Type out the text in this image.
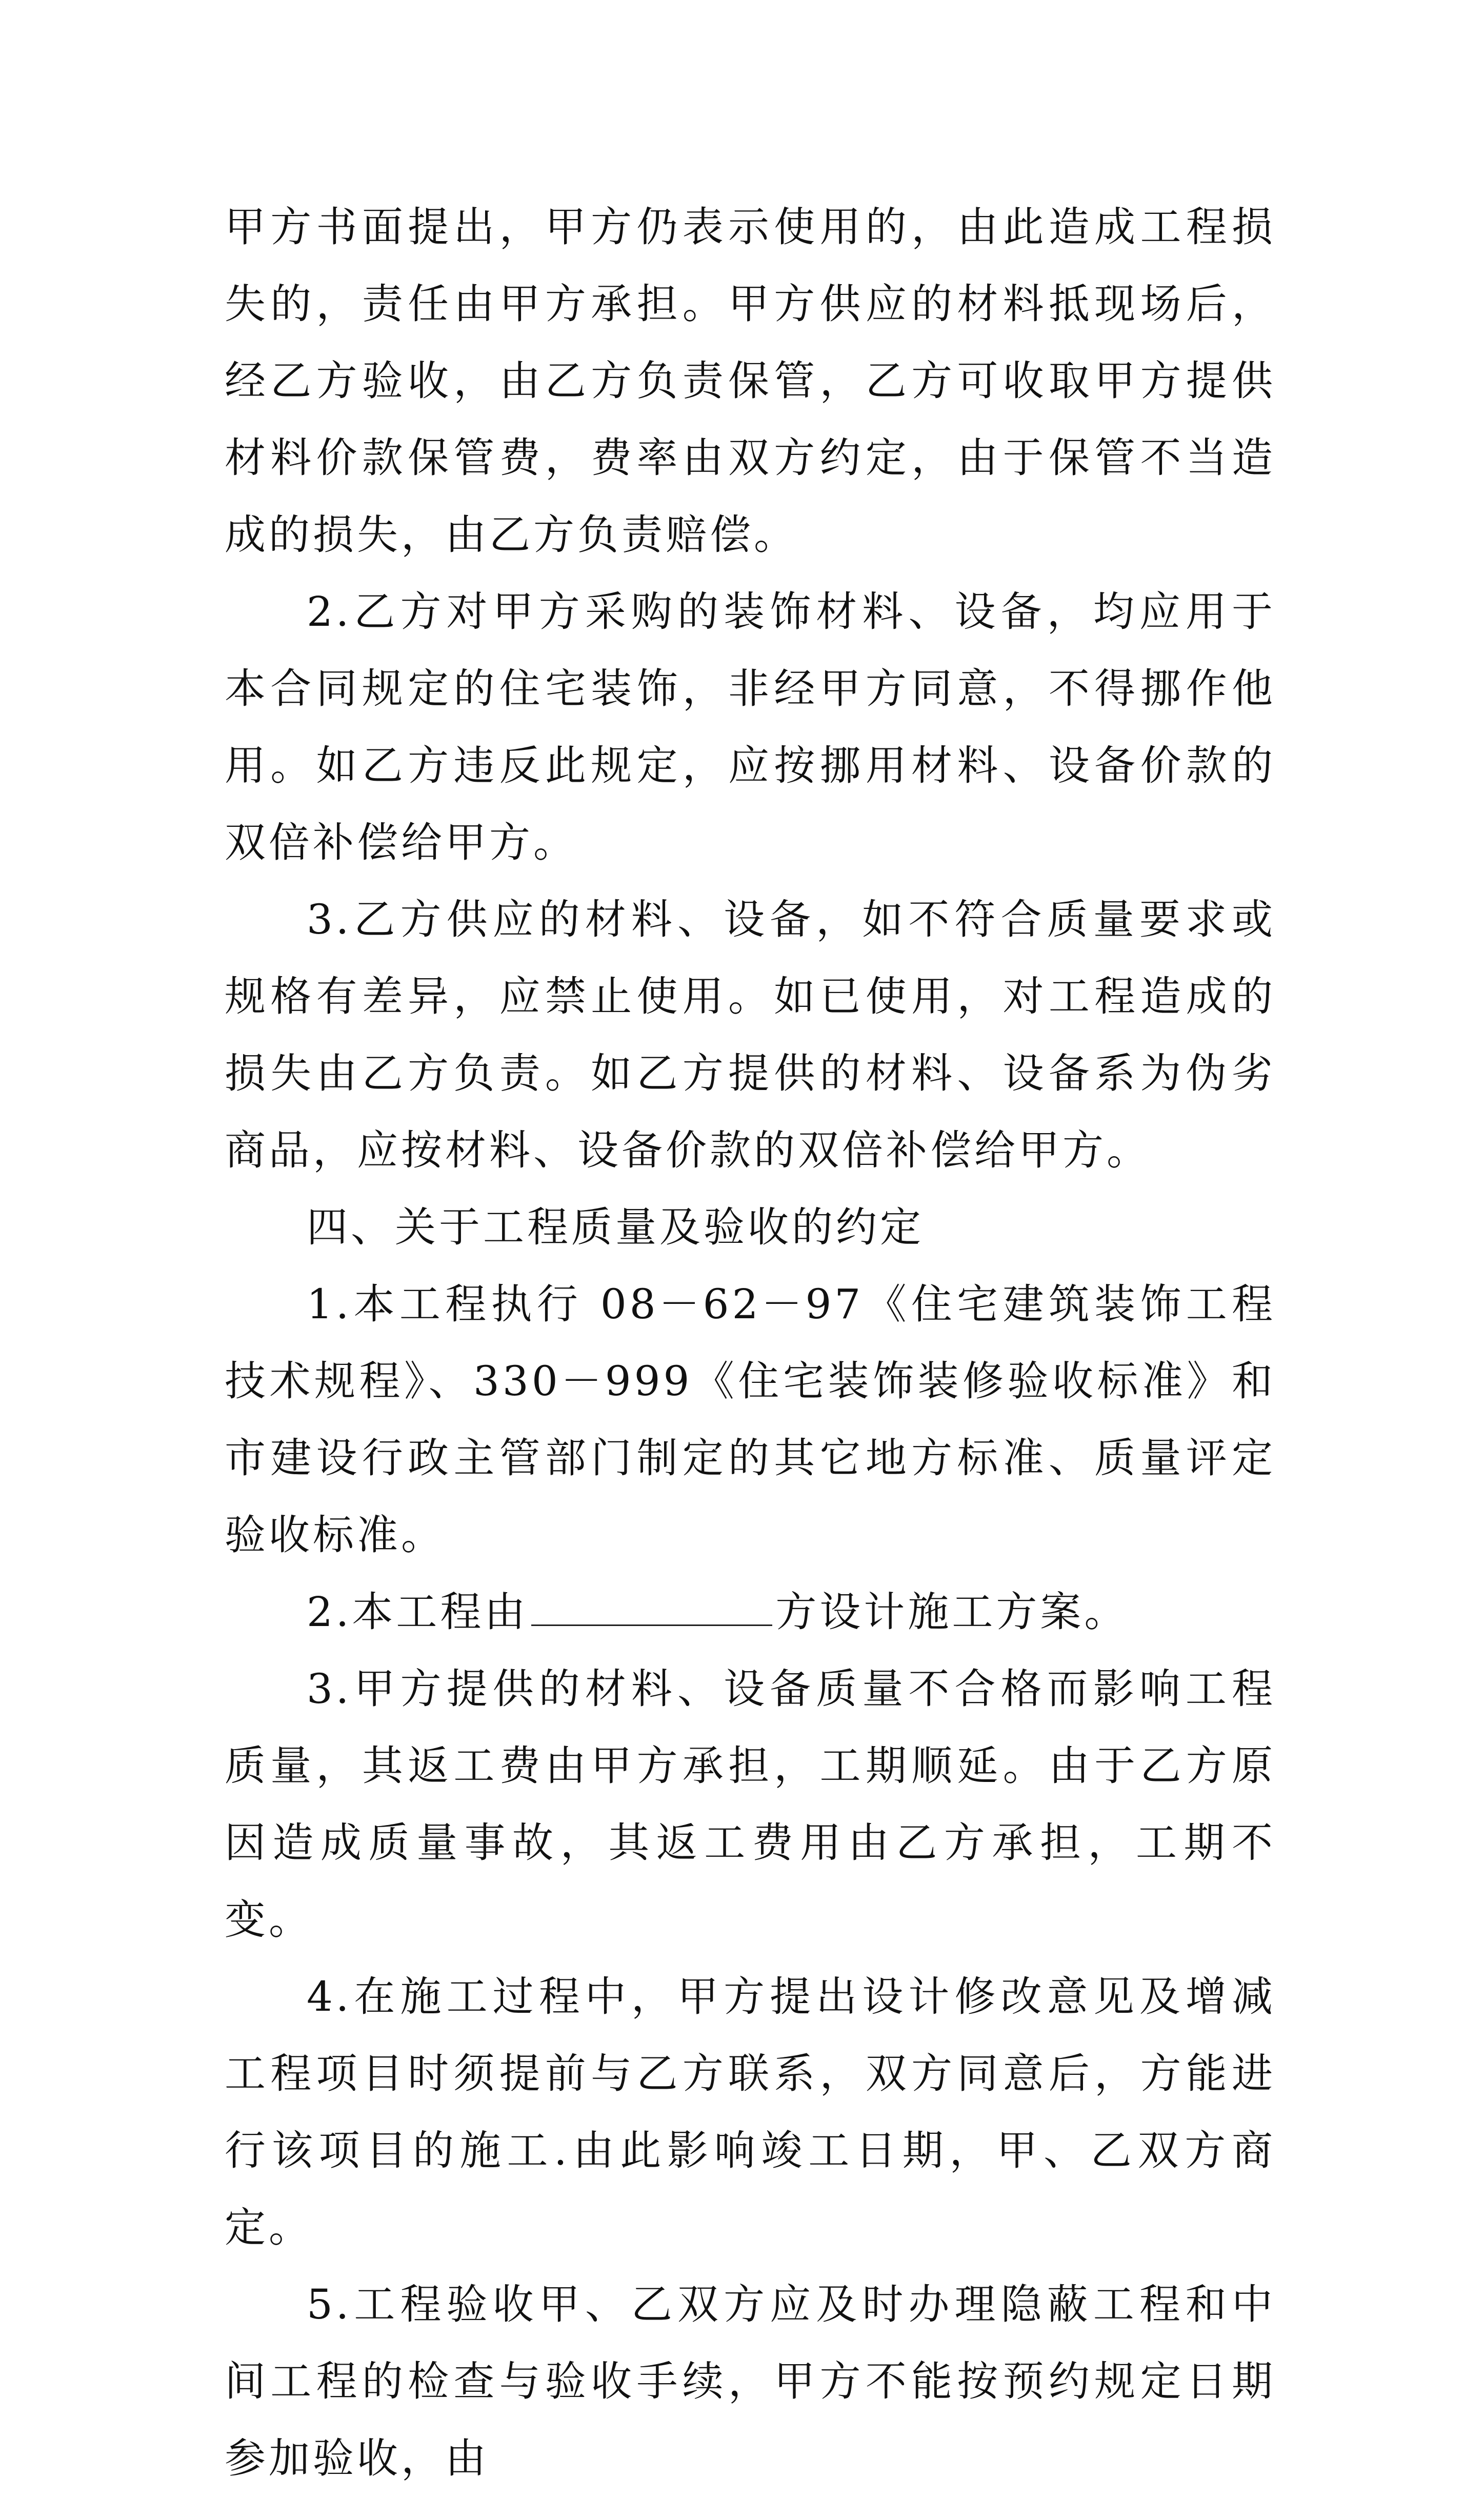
甲方书面提出，甲方仍表示使用的，由此造成工程损失的，责任由甲方承担。甲方供应的材料抵现场后，经乙方验收，由乙方负责保管，乙方可收取甲方提供材料价款保管费，费率由双方约定，由于保管不当造成的损失，由乙方负责赔偿。

2.乙方对甲方采购的装饰材料、设备，均应用于本合同规定的住宅装饰，非经甲方同意，不得挪作他用。如乙方违反此规定，应按挪用材料、设备价款的双倍补偿给甲方。

3.乙方供应的材料、设备，如不符合质量要求或规格有差异，应禁止使用。如已使用，对工程造成的损失由乙方负责。如乙方提供的材料、设备系为伪劣商品，应按材料、设备价款的双倍补偿给甲方。

四、关于工程质量及验收的约定

1.本工程执行 08－62－97《住宅建筑装饰工程技术规程》、330－999《住宅装饰装修验收标准》和市建设行政主管部门制定的其它地方标准、质量评定验收标准。

2.本工程由	方设计施工方案。

3.甲方提供的材料、设备质量不合格而影响工程质量，其返工费由甲方承担，工期顺延。由于乙方原因造成质量事故，其返工费用由乙方承担，工期不变。

4.在施工过程中，甲方提出设计修改意见及增减工程项目时须提前与乙方联系，双方同意后，方能进行该项目的施工.由此影响竣工日期，甲、乙双方商定。

5.工程验收甲、乙双方应及时办理隐蔽工程和中间工程的检查与验收手续，甲方不能按预约规定日期参加验收，由
